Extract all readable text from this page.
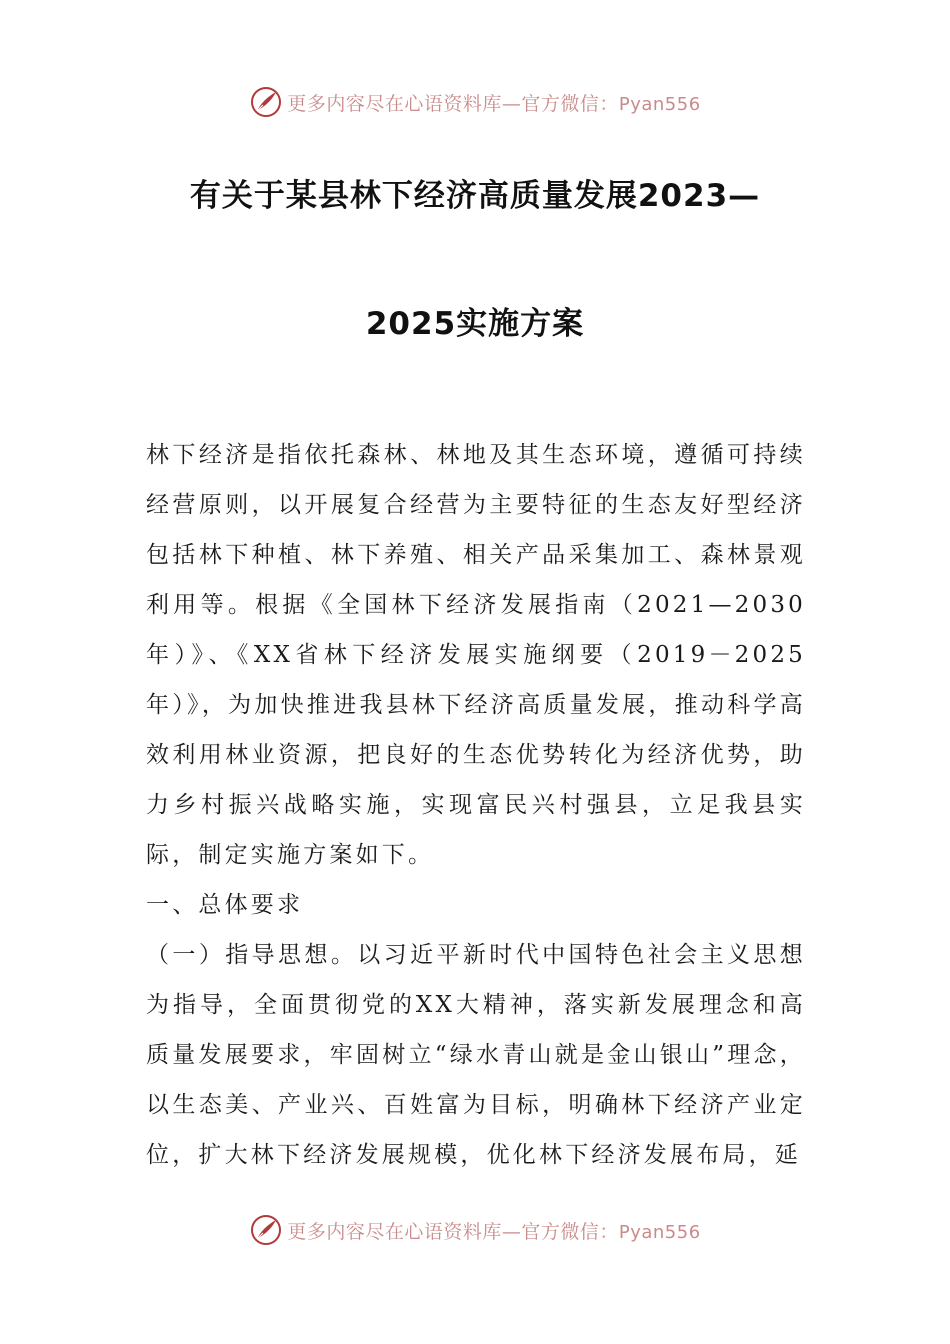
更多内容尽在心语资料库—官方微信：Pyan556
有关于某县林下经济高质量发展2023—
2025实施方案

林下经济是指依托森林、林地及其生态环境，遵循可持续经营原则，以开展复合经营为主要特征的生态友好型经济包括林下种植、林下养殖、相关产品采集加工、森林景观利用等。根据《全国林下经济发展指南（2021—2030年）》、《XX省林下经济发展实施纲要（2019－2025年）》，为加快推进我县林下经济高质量发展，推动科学高效利用林业资源，把良好的生态优势转化为经济优势，助力乡村振兴战略实施，实现富民兴村强县，立足我县实际，制定实施方案如下。

一、总体要求

（一）指导思想。以习近平新时代中国特色社会主义思想为指导，全面贯彻党的XX大精神，落实新发展理念和高质量发展要求，牢固树立“绿水青山就是金山银山”理念，以生态美、产业兴、百姓富为目标，明确林下经济产业定位，扩大林下经济发展规模，优化林下经济发展布局，延

更多内容尽在心语资料库—官方微信：Pyan556
